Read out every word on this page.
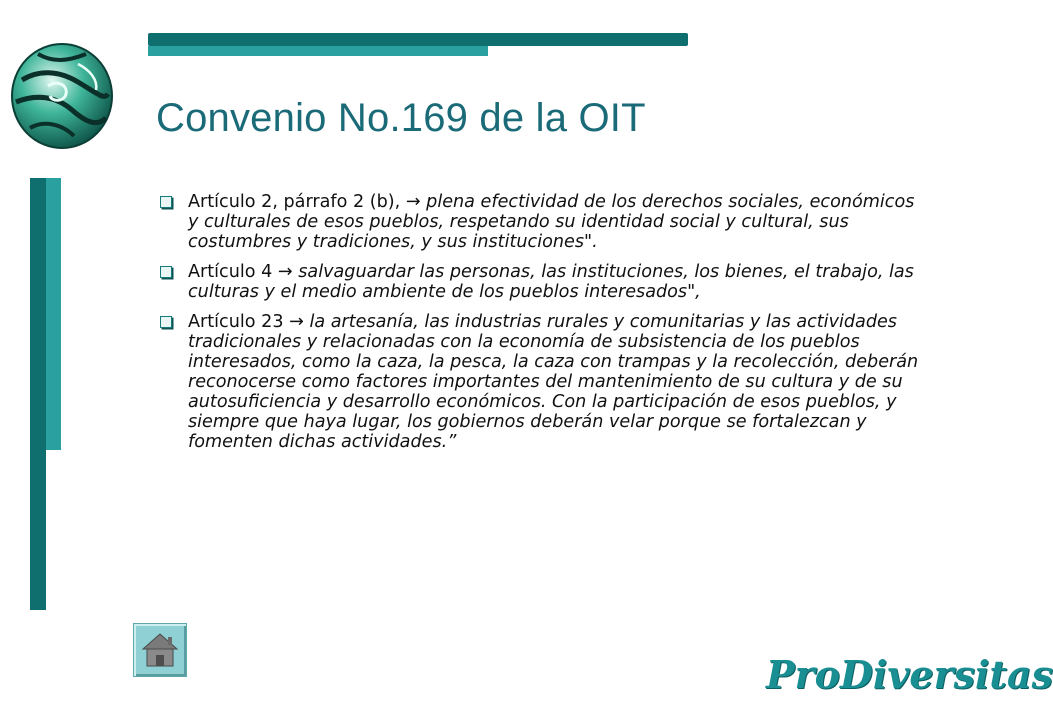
Convenio No.169 de la OIT
Artículo 2, párrafo 2 (b), → plena efectividad de los derechos sociales, económicos y culturales de esos pueblos, respetando su identidad social y cultural, sus costumbres y tradiciones, y sus instituciones".
Artículo 4 → salvaguardar las personas, las instituciones, los bienes, el trabajo, las culturas y el medio ambiente de los pueblos interesados",
Artículo 23 → la artesanía, las industrias rurales y comunitarias y las actividades tradicionales y relacionadas con la economía de subsistencia de los pueblos interesados, como la caza, la pesca, la caza con trampas y la recolección, deberán reconocerse como factores importantes del mantenimiento de su cultura y de su autosuficiencia y desarrollo económicos. Con la participación de esos pueblos, y siempre que haya lugar, los gobiernos deberán velar porque se fortalezcan y fomenten dichas actividades.”
ProDiversitas
